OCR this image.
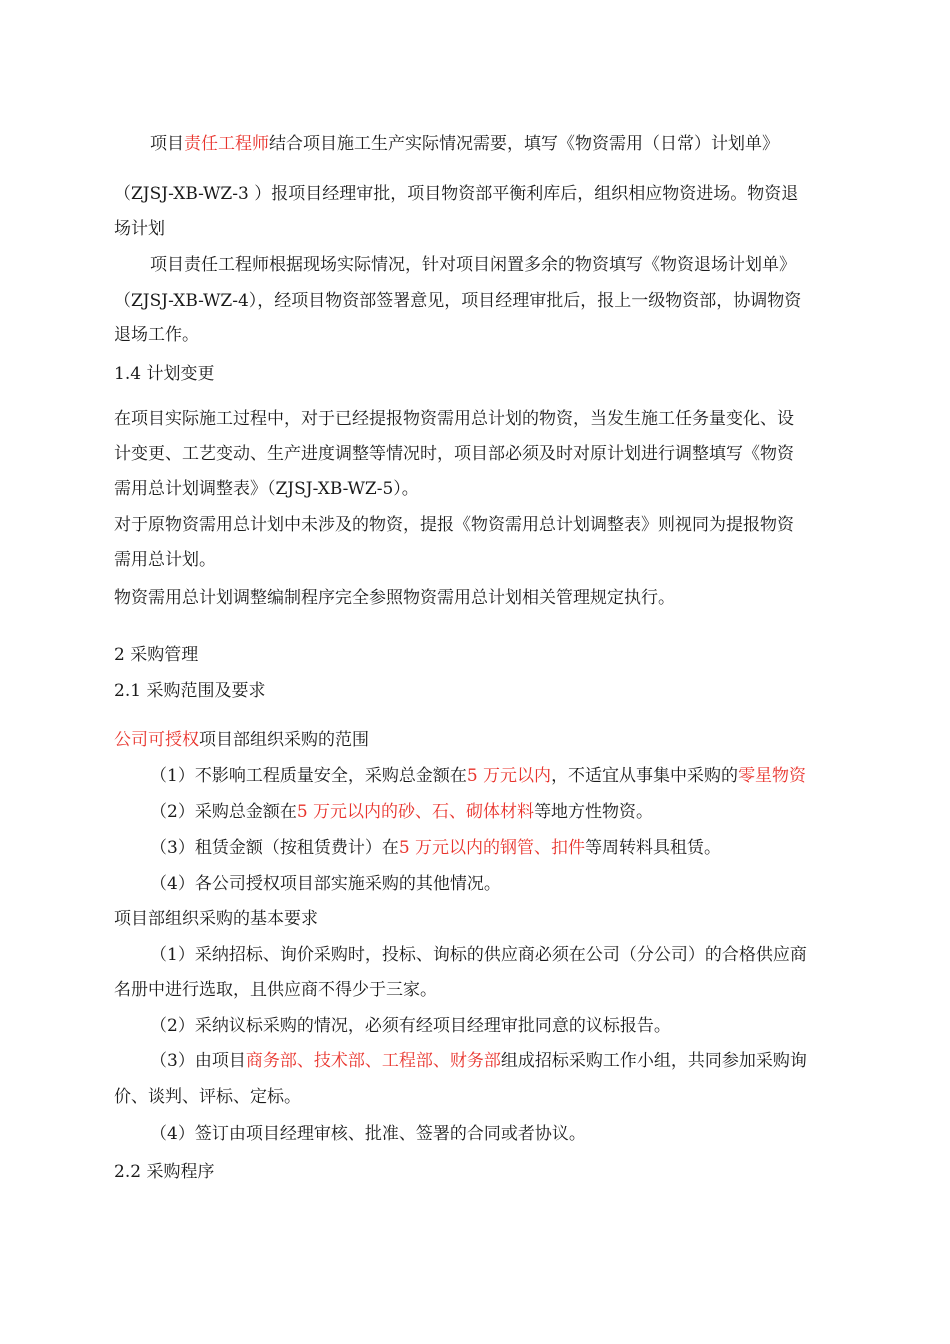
项目责任工程师结合项目施工生产实际情况需要，填写《物资需用（日常）计划单》
（ZJSJ-XB-WZ-3 ）报项目经理审批，项目物资部平衡利库后，组织相应物资进场。物资退
场计划
项目责任工程师根据现场实际情况，针对项目闲置多余的物资填写《物资退场计划单》
（ZJSJ-XB-WZ-4），经项目物资部签署意见，项目经理审批后，报上一级物资部，协调物资
退场工作。
1.4 计划变更
在项目实际施工过程中，对于已经提报物资需用总计划的物资，当发生施工任务量变化、设
计变更、工艺变动、生产进度调整等情况时，项目部必须及时对原计划进行调整填写《物资
需用总计划调整表》（ZJSJ-XB-WZ-5）。
对于原物资需用总计划中未涉及的物资，提报《物资需用总计划调整表》则视同为提报物资
需用总计划。
物资需用总计划调整编制程序完全参照物资需用总计划相关管理规定执行。
2 采购管理
2.1 采购范围及要求
公司可授权项目部组织采购的范围
（1）不影响工程质量安全，采购总金额在5 万元以内，不适宜从事集中采购的零星物资
（2）采购总金额在5 万元以内的砂、石、砌体材料等地方性物资。
（3）租赁金额（按租赁费计）在5 万元以内的钢管、扣件等周转料具租赁。
（4）各公司授权项目部实施采购的其他情况。
项目部组织采购的基本要求
（1）采纳招标、询价采购时，投标、询标的供应商必须在公司（分公司）的合格供应商
名册中进行选取，且供应商不得少于三家。
（2）采纳议标采购的情况，必须有经项目经理审批同意的议标报告。
（3）由项目商务部、技术部、工程部、财务部组成招标采购工作小组，共同参加采购询
价、谈判、评标、定标。
（4）签订由项目经理审核、批准、签署的合同或者协议。
2.2 采购程序
